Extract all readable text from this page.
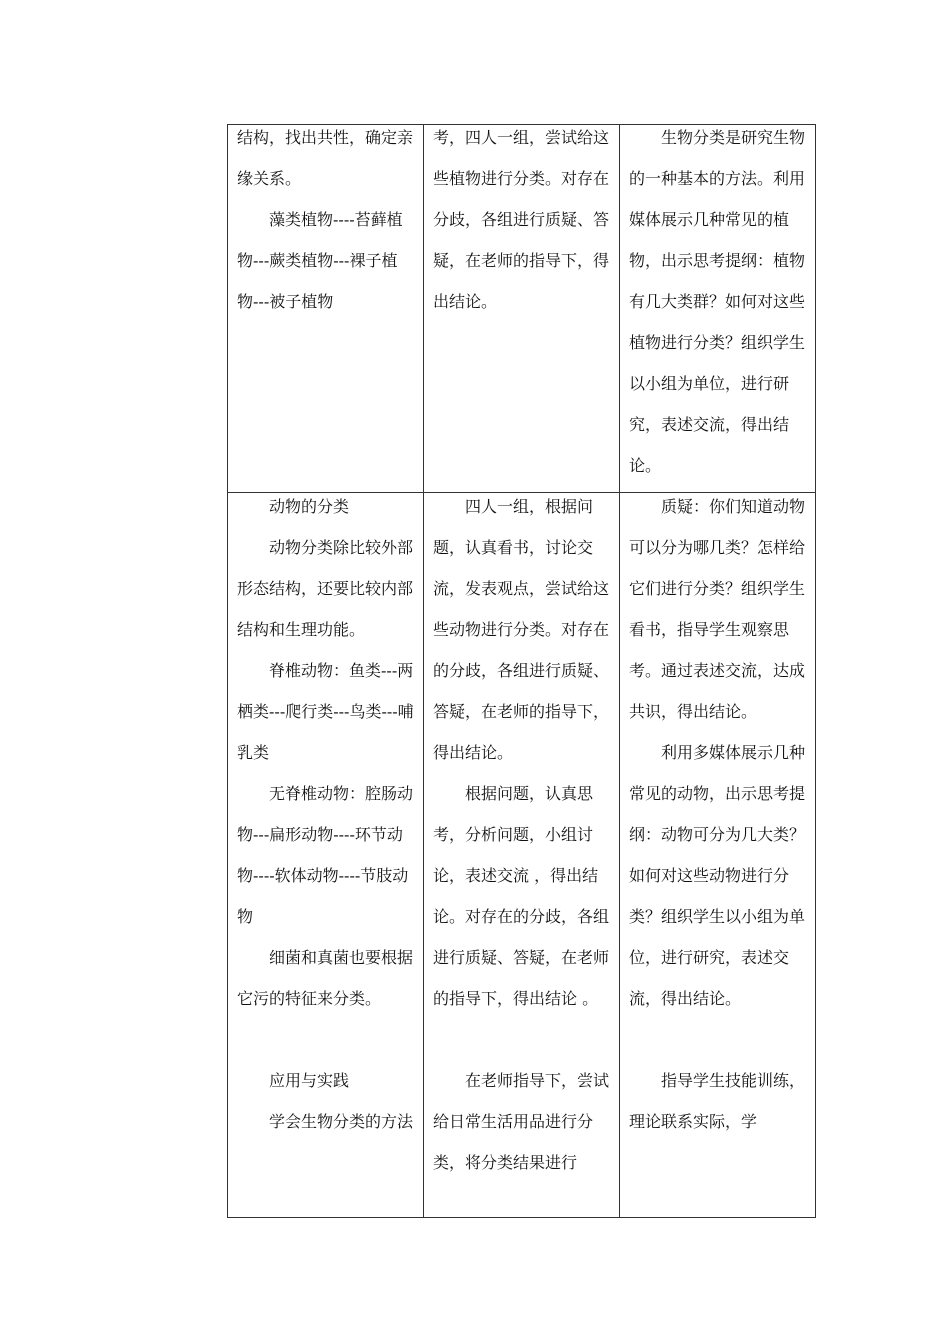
结构，找出共性，确定亲缘关系。

藻类植物----苔藓植物---蕨类植物---裸子植物---被子植物

考，四人一组，尝试给这些植物进行分类。对存在分歧，各组进行质疑、答疑，在老师的指导下，得出结论。

生物分类是研究生物的一种基本的方法。利用媒体展示几种常见的植物，出示思考提纲：植物有几大类群？如何对这些植物进行分类？组织学生以小组为单位，进行研究，表述交流，得出结论。

动物的分类

动物分类除比较外部形态结构，还要比较内部结构和生理功能。

脊椎动物：鱼类---两栖类---爬行类---鸟类---哺乳类

无脊椎动物：腔肠动物---扁形动物----环节动物----软体动物----节肢动物

细菌和真菌也要根据它污的特征来分类。

应用与实践

学会生物分类的方法

四人一组，根据问题，认真看书，讨论交流，发表观点，尝试给这些动物进行分类。对存在的分歧，各组进行质疑、答疑，在老师的指导下，得出结论。

根据问题，认真思考，分析问题，小组讨论，表述交流 ，得出结论。对存在的分歧，各组进行质疑、答疑，在老师的指导下，得出结论 。

在老师指导下，尝试给日常生活用品进行分类，将分类结果进行

质疑：你们知道动物可以分为哪几类？怎样给它们进行分类？组织学生看书，指导学生观察思考。通过表述交流，达成共识，得出结论。

利用多媒体展示几种常见的动物，出示思考提纲：动物可分为几大类？如何对这些动物进行分类？组织学生以小组为单位，进行研究，表述交流，得出结论。

指导学生技能训练，理论联系实际，学
